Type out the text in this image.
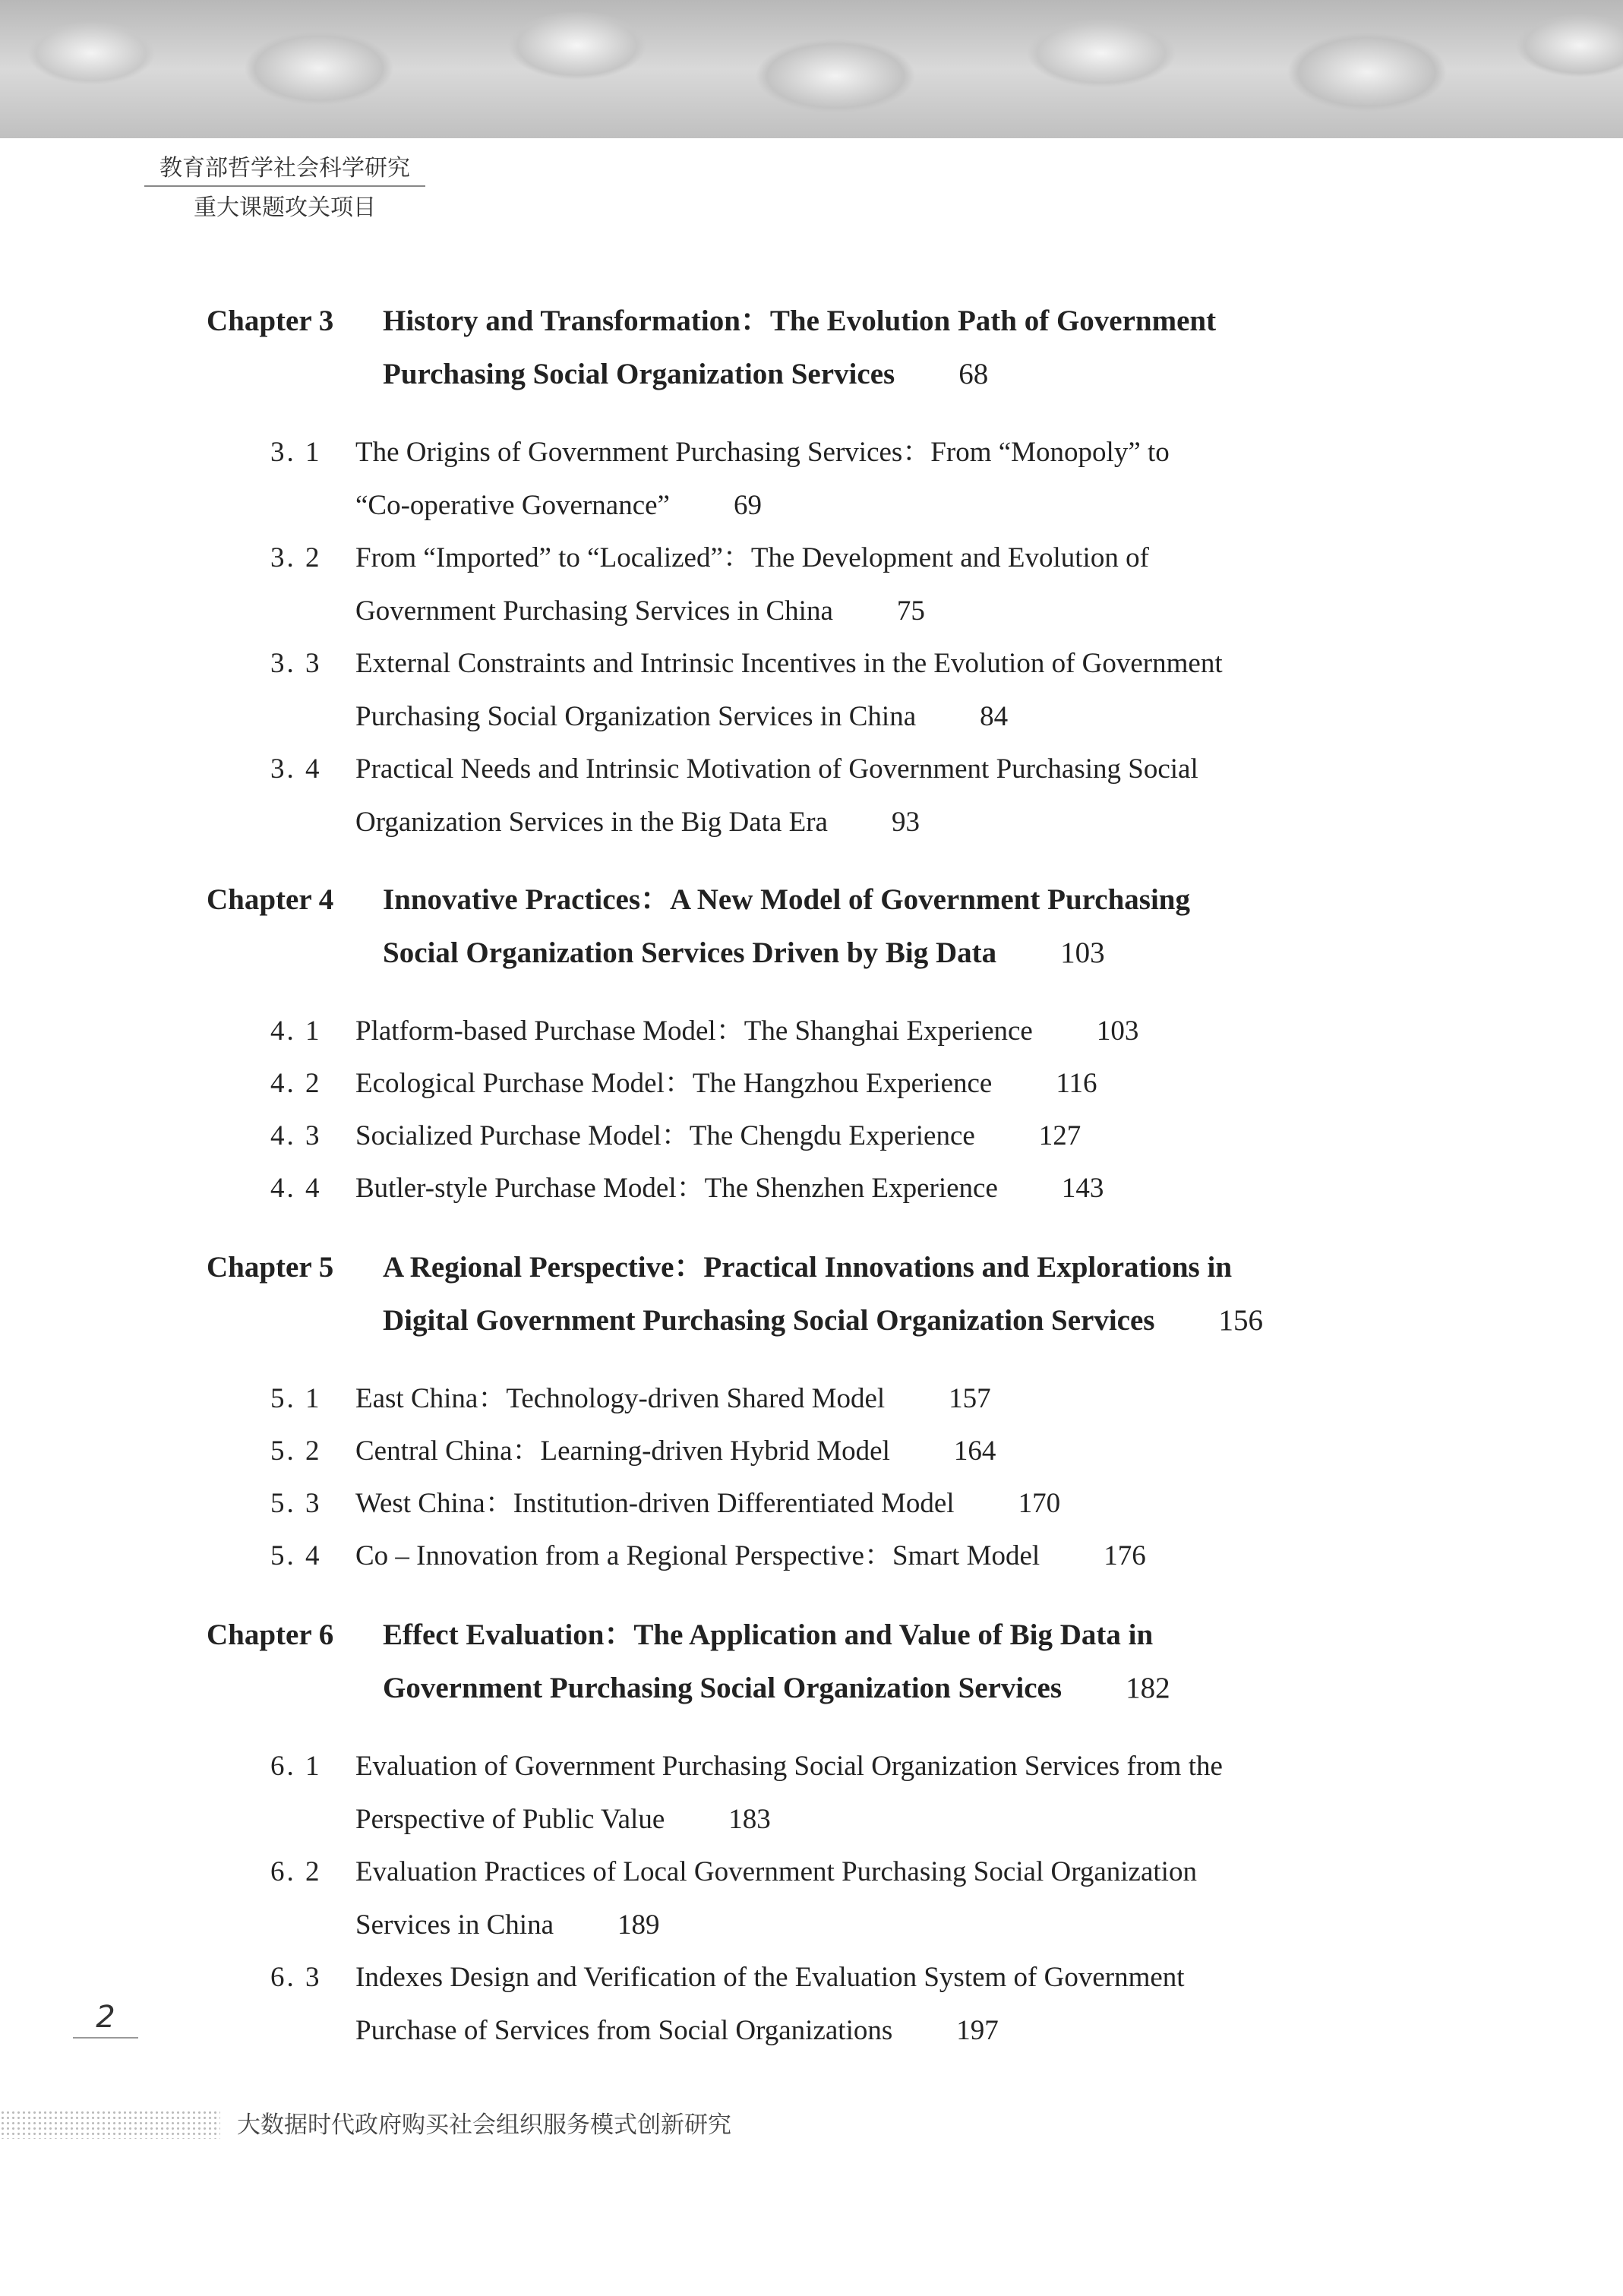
教育部哲学社会科学研究
重大课题攻关项目
Chapter 3 History and Transformation：The Evolution Path of Government
Purchasing Social Organization Services 68
3. 1 The Origins of Government Purchasing Services：From “Monopoly” to
“Co-operative Governance” 69
3. 2 From “Imported” to “Localized”：The Development and Evolution of
Government Purchasing Services in China 75
3. 3 External Constraints and Intrinsic Incentives in the Evolution of Government
Purchasing Social Organization Services in China 84
3. 4 Practical Needs and Intrinsic Motivation of Government Purchasing Social
Organization Services in the Big Data Era 93
Chapter 4 Innovative Practices：A New Model of Government Purchasing
Social Organization Services Driven by Big Data 103
4. 1 Platform-based Purchase Model：The Shanghai Experience 103
4. 2 Ecological Purchase Model：The Hangzhou Experience 116
4. 3 Socialized Purchase Model：The Chengdu Experience 127
4. 4 Butler-style Purchase Model：The Shenzhen Experience 143
Chapter 5 A Regional Perspective：Practical Innovations and Explorations in
Digital Government Purchasing Social Organization Services 156
5. 1 East China：Technology-driven Shared Model 157
5. 2 Central China：Learning-driven Hybrid Model 164
5. 3 West China：Institution-driven Differentiated Model 170
5. 4 Co – Innovation from a Regional Perspective：Smart Model 176
Chapter 6 Effect Evaluation：The Application and Value of Big Data in
Government Purchasing Social Organization Services 182
6. 1 Evaluation of Government Purchasing Social Organization Services from the
Perspective of Public Value 183
6. 2 Evaluation Practices of Local Government Purchasing Social Organization
Services in China 189
6. 3 Indexes Design and Verification of the Evaluation System of Government
Purchase of Services from Social Organizations 197
2
大数据时代政府购买社会组织服务模式创新研究
